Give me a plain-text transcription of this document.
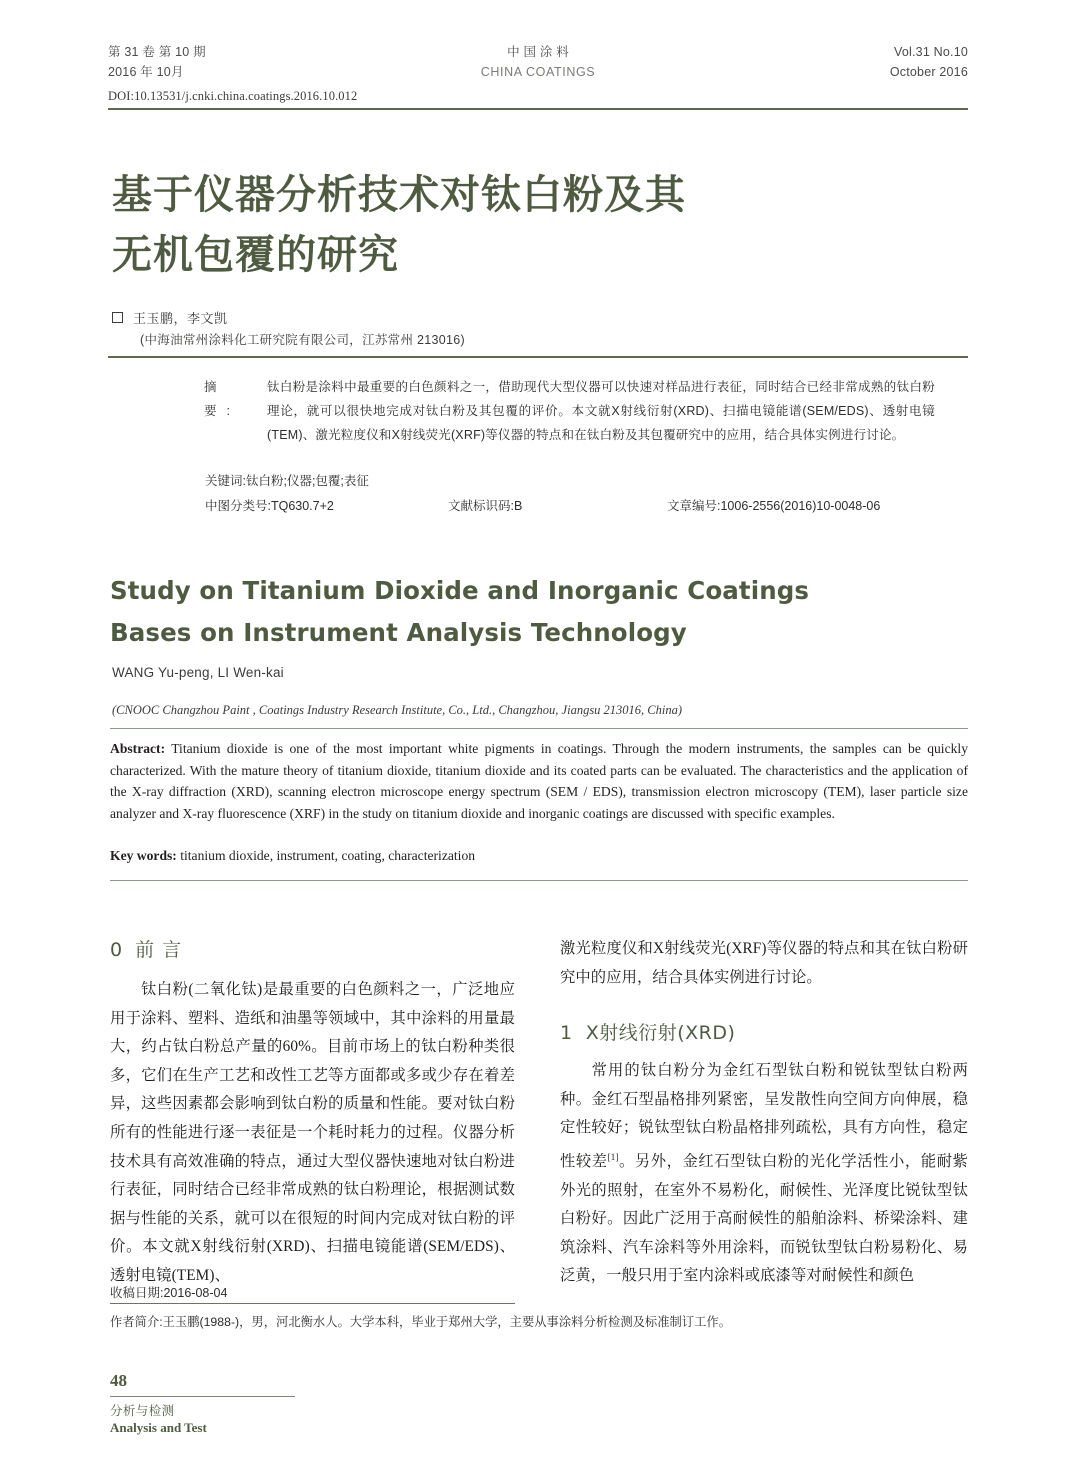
第 31 卷 第 10 期
2016 年 10月
中 国 涂 料
CHINA COATINGS
Vol.31 No.10
October 2016
DOI:10.13531/j.cnki.china.coatings.2016.10.012
基于仪器分析技术对钛白粉及其
无机包覆的研究
王玉鹏，李文凯
(中海油常州涂料化工研究院有限公司，江苏常州 213016)
摘 要:
钛白粉是涂料中最重要的白色颜料之一，借助现代大型仪器可以快速对样品进行表征，同时结合已经非常成熟的钛白粉理论，就可以很快地完成对钛白粉及其包覆的评价。本文就X射线衍射(XRD)、扫描电镜能谱(SEM/EDS)、透射电镜(TEM)、激光粒度仪和X射线荧光(XRF)等仪器的特点和在钛白粉及其包覆研究中的应用，结合具体实例进行讨论。
关键词:钛白粉;仪器;包覆;表征
中图分类号:TQ630.7+2	文献标识码:B	文章编号:1006-2556(2016)10-0048-06
Study on Titanium Dioxide and Inorganic Coatings
Bases on Instrument Analysis Technology
WANG Yu-peng, LI Wen-kai
(CNOOC Changzhou Paint , Coatings Industry Research Institute, Co., Ltd., Changzhou, Jiangsu 213016, China)
Abstract: Titanium dioxide is one of the most important white pigments in coatings. Through the modern instruments, the samples can be quickly characterized. With the mature theory of titanium dioxide, titanium dioxide and its coated parts can be evaluated. The characteristics and the application of the X-ray diffraction (XRD), scanning electron microscope energy spectrum (SEM / EDS), transmission electron microscopy (TEM), laser particle size analyzer and X-ray fluorescence (XRF) in the study on titanium dioxide and inorganic coatings are discussed with specific examples.
Key words: titanium dioxide, instrument, coating, characterization
0 前 言

钛白粉(二氧化钛)是最重要的白色颜料之一，广泛地应用于涂料、塑料、造纸和油墨等领域中，其中涂料的用量最大，约占钛白粉总产量的60%。目前市场上的钛白粉种类很多，它们在生产工艺和改性工艺等方面都或多或少存在着差异，这些因素都会影响到钛白粉的质量和性能。要对钛白粉所有的性能进行逐一表征是一个耗时耗力的过程。仪器分析技术具有高效准确的特点，通过大型仪器快速地对钛白粉进行表征，同时结合已经非常成熟的钛白粉理论，根据测试数据与性能的关系，就可以在很短的时间内完成对钛白粉的评价。本文就X射线衍射(XRD)、扫描电镜能谱(SEM/EDS)、透射电镜(TEM)、

激光粒度仪和X射线荧光(XRF)等仪器的特点和其在钛白粉研究中的应用，结合具体实例进行讨论。

1 X射线衍射(XRD)

常用的钛白粉分为金红石型钛白粉和锐钛型钛白粉两种。金红石型晶格排列紧密，呈发散性向空间方向伸展，稳定性较好；锐钛型钛白粉晶格排列疏松，具有方向性，稳定性较差[1]。另外，金红石型钛白粉的光化学活性小，能耐紫外光的照射，在室外不易粉化，耐候性、光泽度比锐钛型钛白粉好。因此广泛用于高耐候性的船舶涂料、桥梁涂料、建筑涂料、汽车涂料等外用涂料，而锐钛型钛白粉易粉化、易泛黄，一般只用于室内涂料或底漆等对耐候性和颜色

收稿日期:2016-08-04
作者简介:王玉鹏(1988-)，男，河北衡水人。大学本科，毕业于郑州大学，主要从事涂料分析检测及标准制订工作。
48
分析与检测
Analysis and Test
